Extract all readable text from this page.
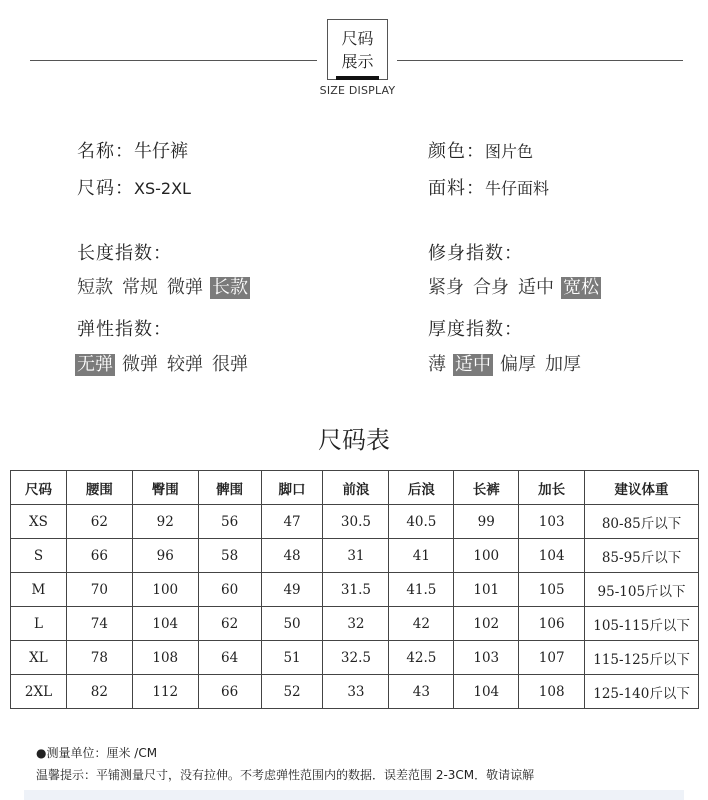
尺码
展示
SIZE DISPLAY
名称：牛仔裤
尺码：XS-2XL
颜色：图片色
面料：牛仔面料
长度指数：
短款 常规 微弹 长款
修身指数：
紧身 合身 适中 宽松
弹性指数：
无弹 微弹 较弹 很弹
厚度指数：
薄 适中 偏厚 加厚
尺码表
尺码	腰围	臀围	髀围	脚口	前浪	后浪	长裤	加长	建议体重
XS	62	92	56	47	30.5	40.5	99	103	80-85斤以下
S	66	96	58	48	31	41	100	104	85-95斤以下
M	70	100	60	49	31.5	41.5	101	105	95-105斤以下
L	74	104	62	50	32	42	102	106	105-115斤以下
XL	78	108	64	51	32.5	42.5	103	107	115-125斤以下
2XL	82	112	66	52	33	43	104	108	125-140斤以下
●测量单位：厘米 /CM
温馨提示：平铺测量尺寸，没有拉伸。不考虑弹性范围内的数据．误差范围 2-3CM．敬请谅解
